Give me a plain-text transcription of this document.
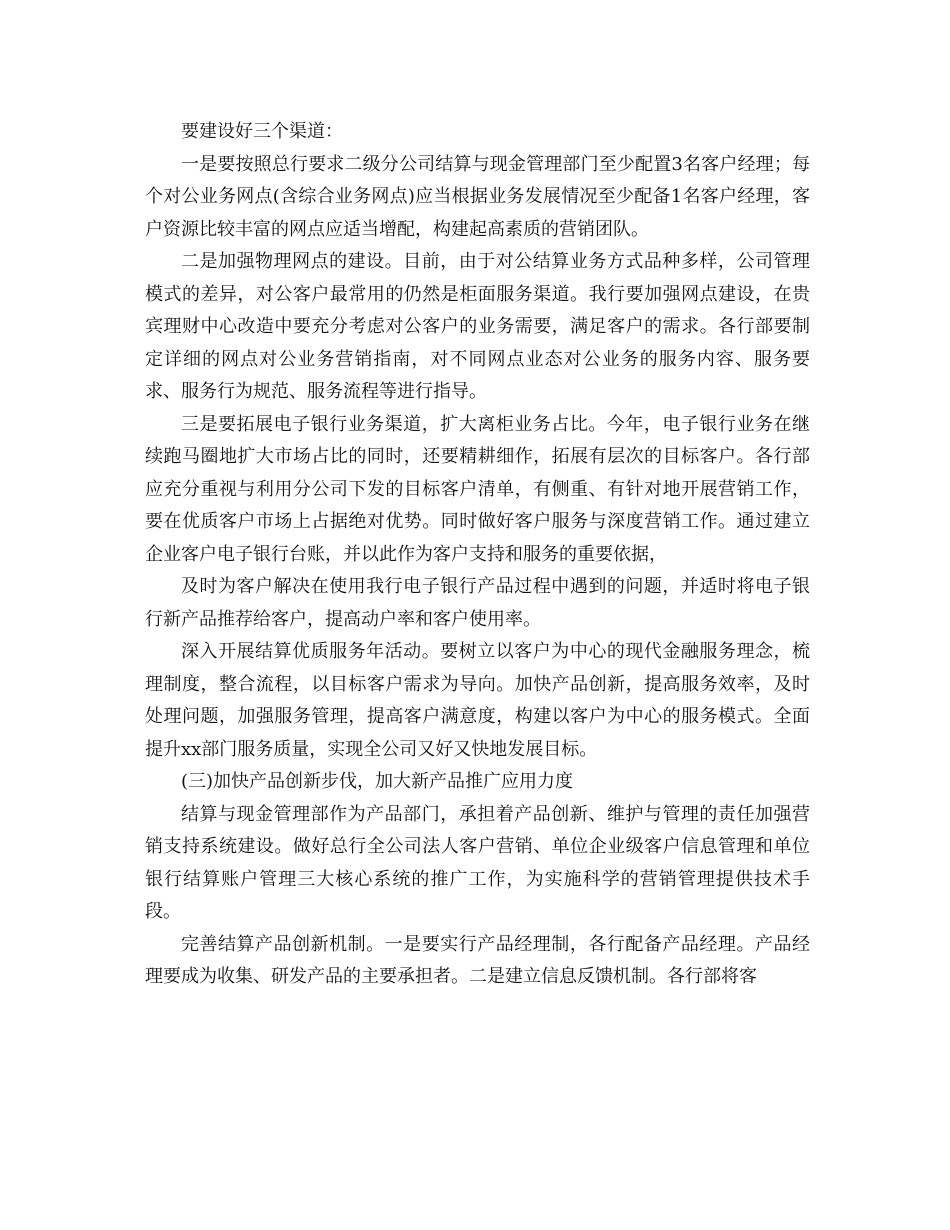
要建设好三个渠道：

一是要按照总行要求二级分公司结算与现金管理部门至少配置3名客户经理；每个对公业务网点(含综合业务网点)应当根据业务发展情况至少配备1名客户经理，客户资源比较丰富的网点应适当增配，构建起高素质的营销团队。

二是加强物理网点的建设。目前，由于对公结算业务方式品种多样，公司管理模式的差异，对公客户最常用的仍然是柜面服务渠道。我行要加强网点建设，在贵宾理财中心改造中要充分考虑对公客户的业务需要，满足客户的需求。各行部要制定详细的网点对公业务营销指南，对不同网点业态对公业务的服务内容、服务要求、服务行为规范、服务流程等进行指导。

三是要拓展电子银行业务渠道，扩大离柜业务占比。今年，电子银行业务在继续跑马圈地扩大市场占比的同时，还要精耕细作，拓展有层次的目标客户。各行部应充分重视与利用分公司下发的目标客户清单，有侧重、有针对地开展营销工作，要在优质客户市场上占据绝对优势。同时做好客户服务与深度营销工作。通过建立企业客户电子银行台账，并以此作为客户支持和服务的重要依据，

及时为客户解决在使用我行电子银行产品过程中遇到的问题，并适时将电子银行新产品推荐给客户，提高动户率和客户使用率。

深入开展结算优质服务年活动。要树立以客户为中心的现代金融服务理念，梳理制度，整合流程，以目标客户需求为导向。加快产品创新，提高服务效率，及时处理问题，加强服务管理，提高客户满意度，构建以客户为中心的服务模式。全面提升xx部门服务质量，实现全公司又好又快地发展目标。

(三)加快产品创新步伐，加大新产品推广应用力度

结算与现金管理部作为产品部门，承担着产品创新、维护与管理的责任加强营销支持系统建设。做好总行全公司法人客户营销、单位企业级客户信息管理和单位银行结算账户管理三大核心系统的推广工作，为实施科学的营销管理提供技术手段。

完善结算产品创新机制。一是要实行产品经理制，各行配备产品经理。产品经理要成为收集、研发产品的主要承担者。二是建立信息反馈机制。各行部将客
